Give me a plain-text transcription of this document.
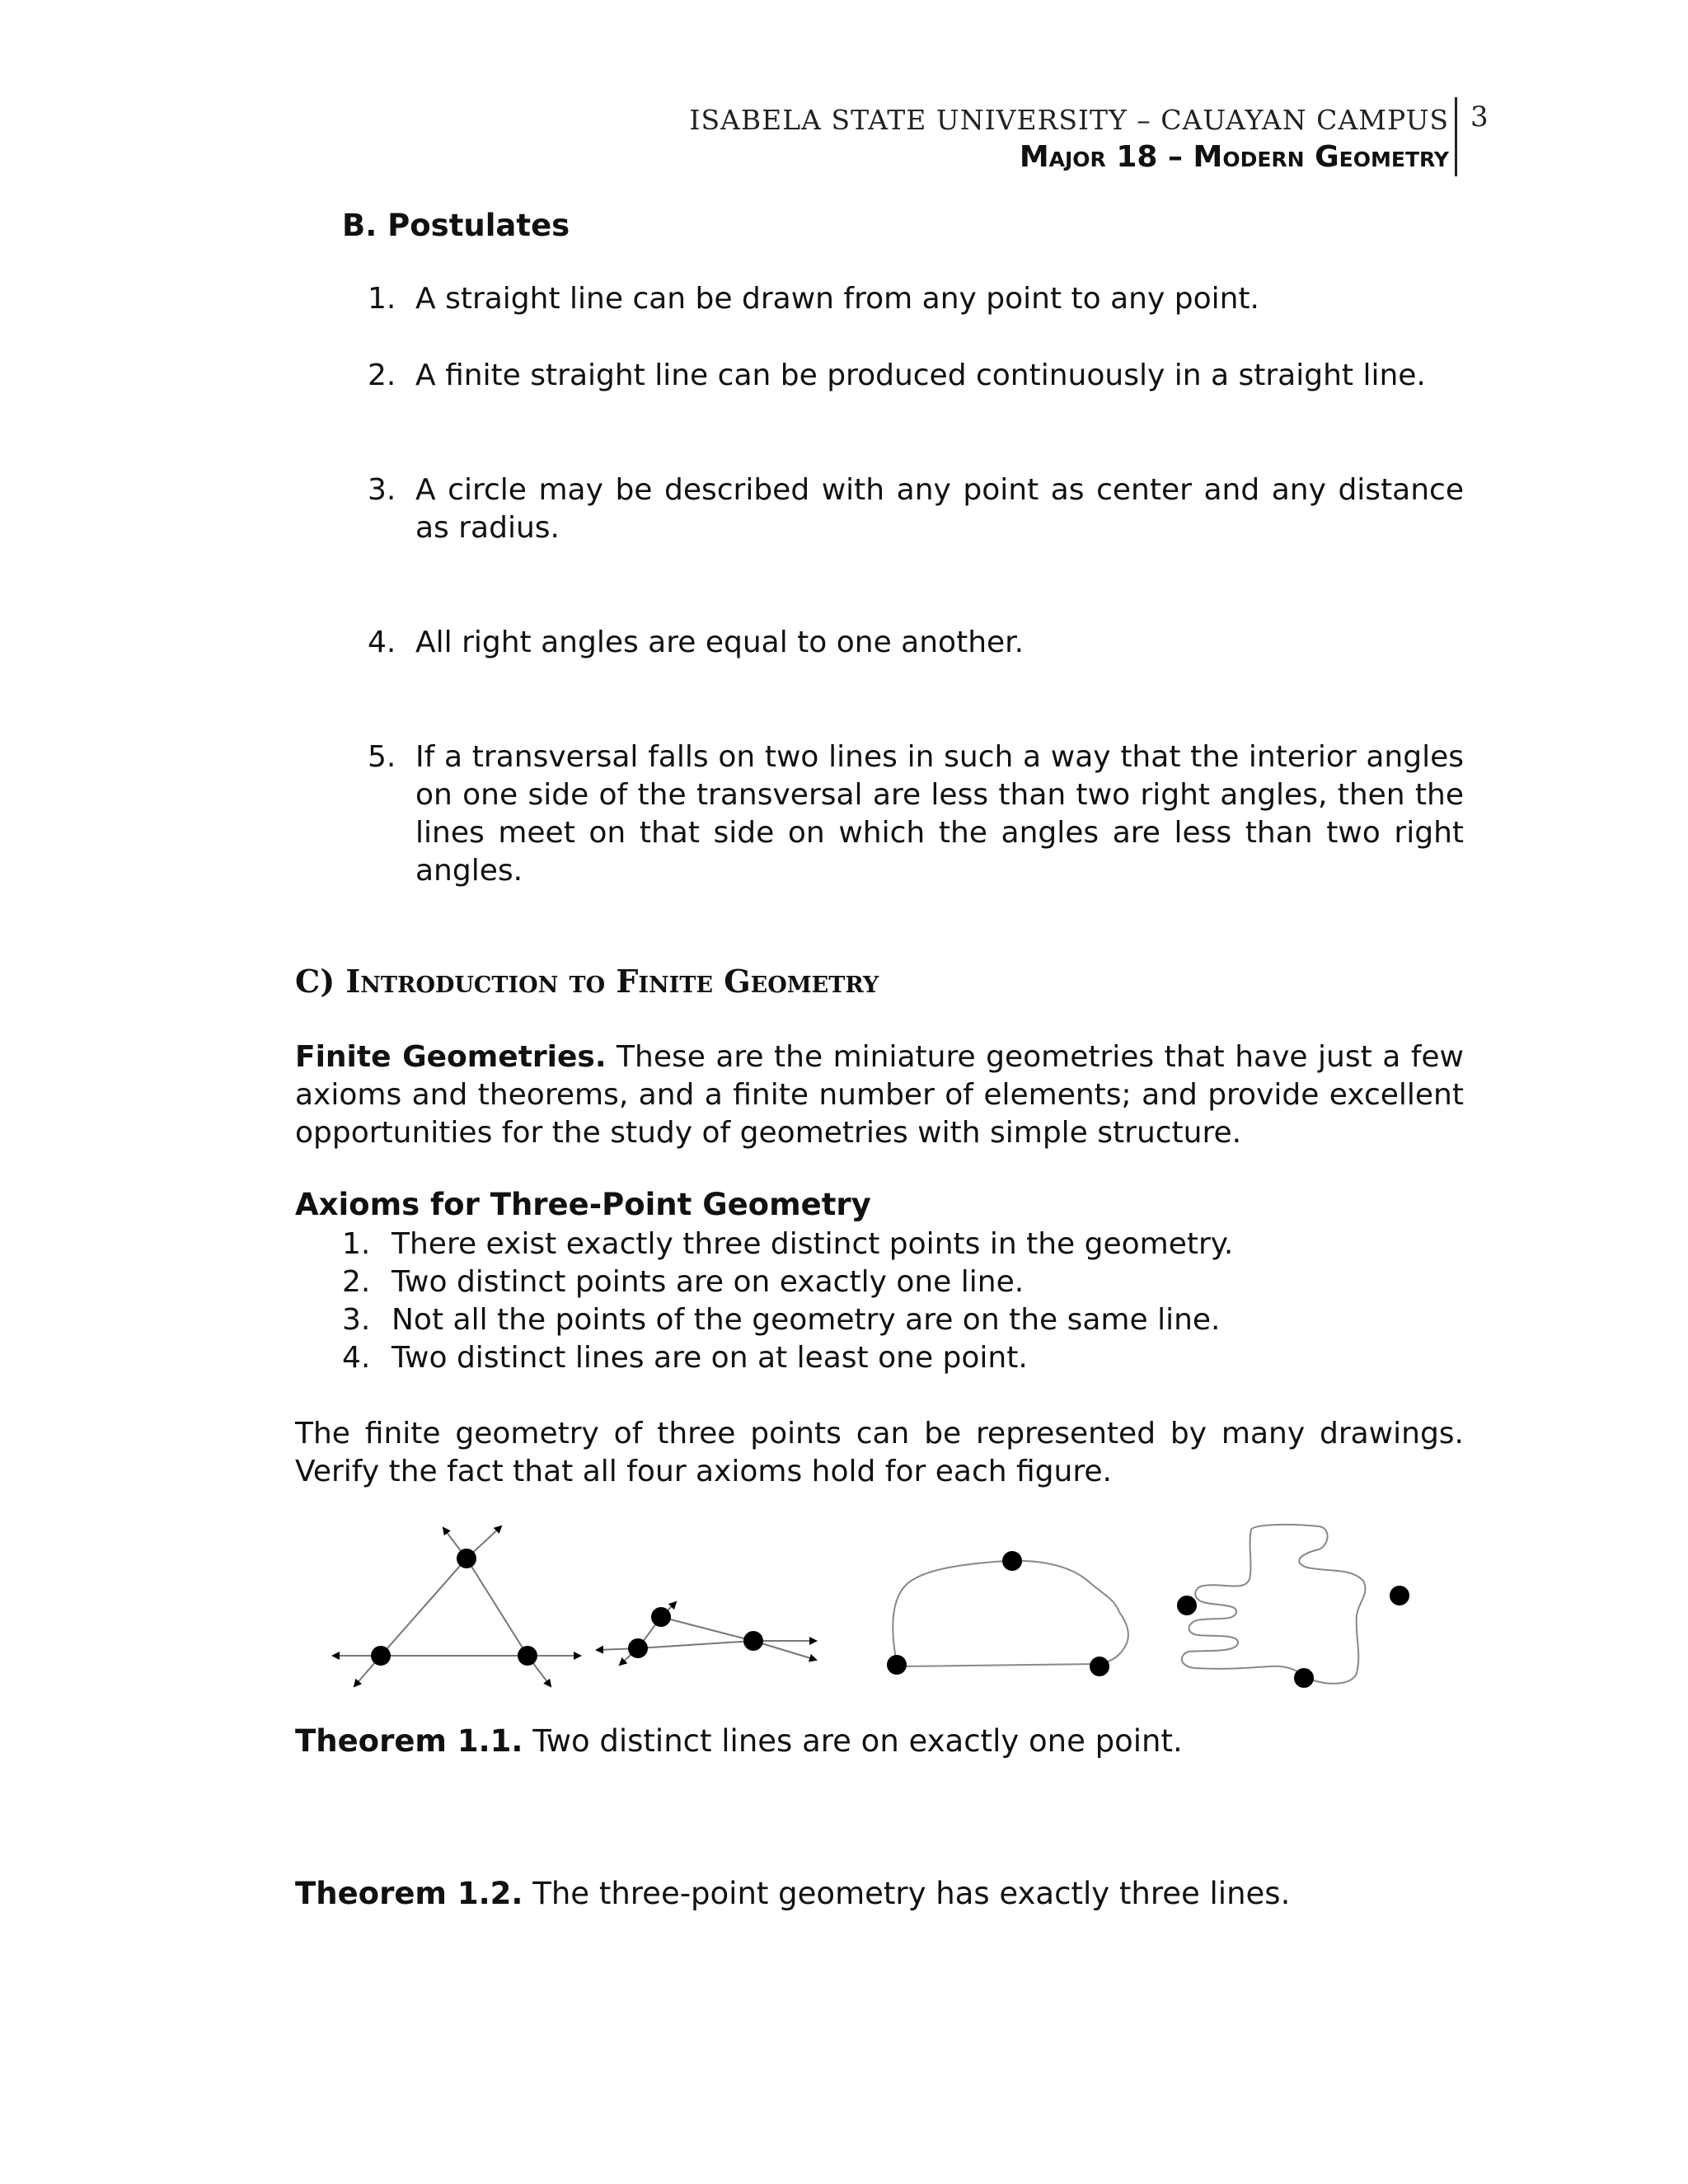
ISABELA STATE UNIVERSITY – CAUAYAN CAMPUS
Major 18 – Modern Geometry
3
B. Postulates
1. A straight line can be drawn from any point to any point.
2. A finite straight line can be produced continuously in a straight line.
3. A circle may be described with any point as center and any distance as radius.
4. All right angles are equal to one another.
5. If a transversal falls on two lines in such a way that the interior angles on one side of the transversal are less than two right angles, then the lines meet on that side on which the angles are less than two right angles.
C) Introduction to Finite Geometry
Finite Geometries. These are the miniature geometries that have just a few axioms and theorems, and a finite number of elements; and provide excellent opportunities for the study of geometries with simple structure.
Axioms for Three-Point Geometry
1. There exist exactly three distinct points in the geometry.
2. Two distinct points are on exactly one line.
3. Not all the points of the geometry are on the same line.
4. Two distinct lines are on at least one point.
The finite geometry of three points can be represented by many drawings. Verify the fact that all four axioms hold for each figure.
Theorem 1.1. Two distinct lines are on exactly one point.
Theorem 1.2. The three-point geometry has exactly three lines.
